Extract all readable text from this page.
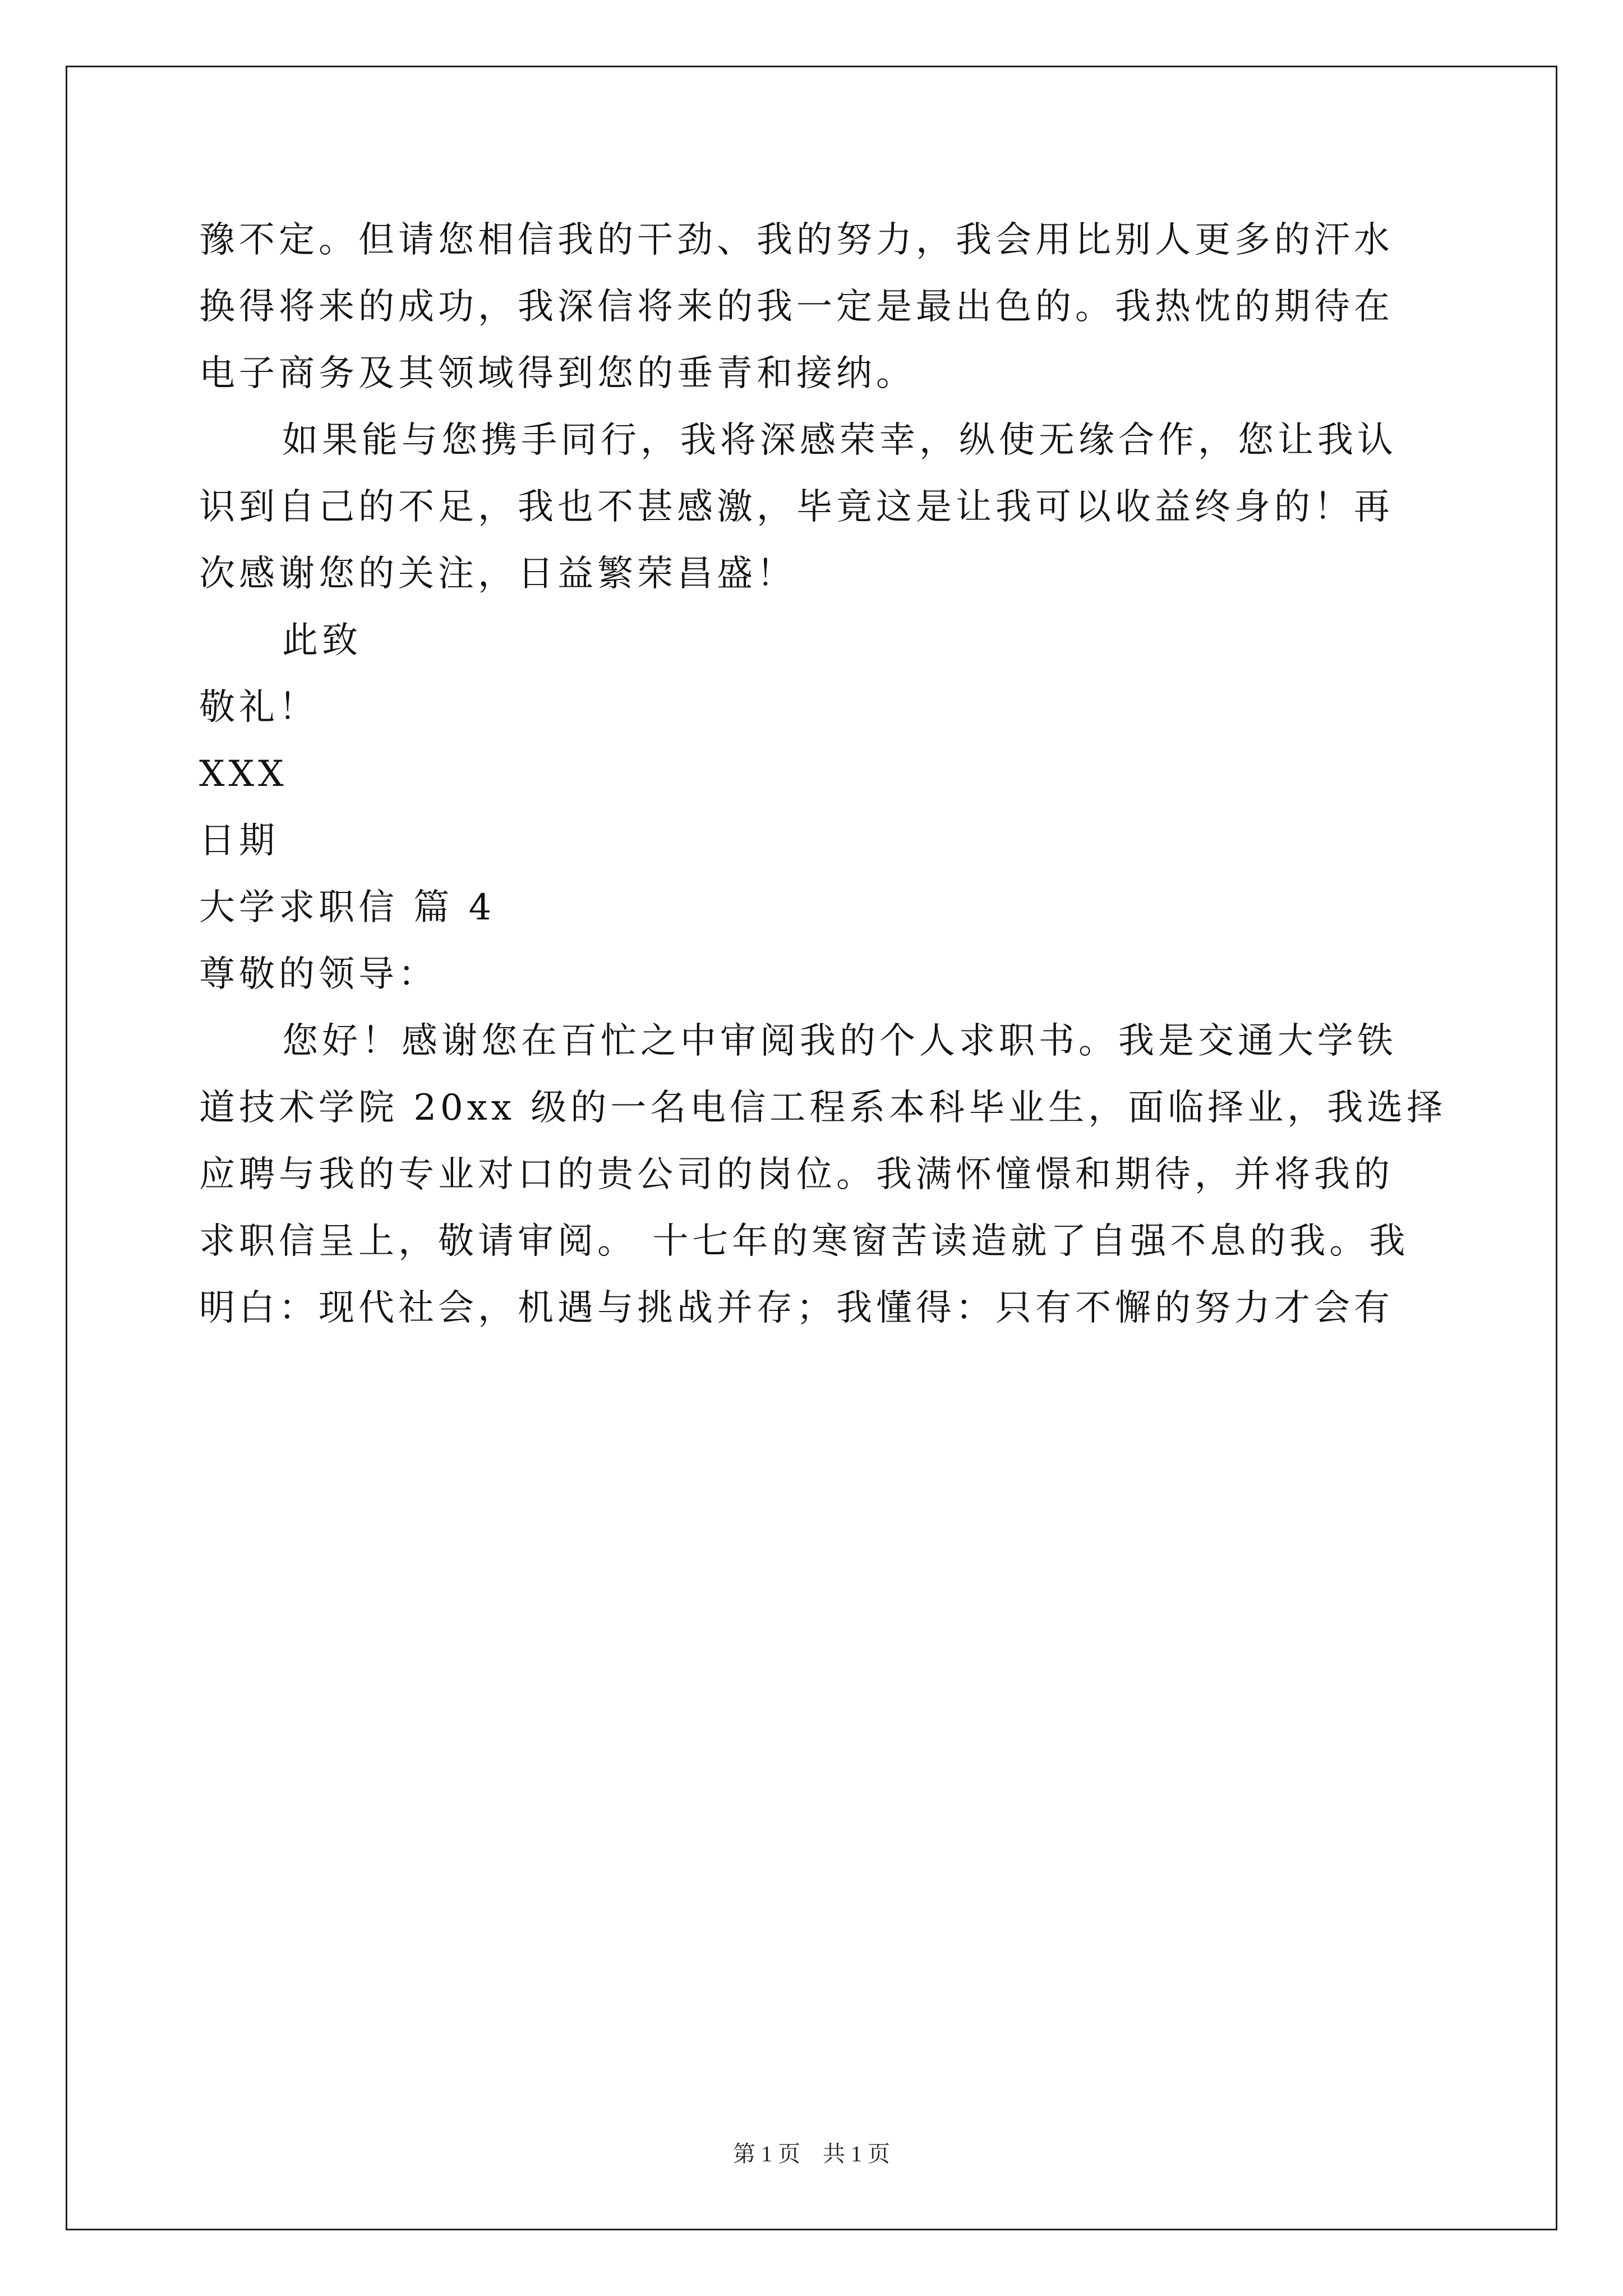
豫不定。但请您相信我的干劲、我的努力，我会用比别人更多的汗水
换得将来的成功，我深信将来的我一定是最出色的。我热忱的期待在
电子商务及其领域得到您的垂青和接纳。
如果能与您携手同行，我将深感荣幸，纵使无缘合作，您让我认
识到自己的不足，我也不甚感激，毕竟这是让我可以收益终身的！再
次感谢您的关注，日益繁荣昌盛！
此致
敬礼！
XXX
日期
大学求职信 篇 4
尊敬的领导：
您好！感谢您在百忙之中审阅我的个人求职书。我是交通大学铁
道技术学院 20xx 级的一名电信工程系本科毕业生，面临择业，我选择
应聘与我的专业对口的贵公司的岗位。我满怀憧憬和期待，并将我的
求职信呈上，敬请审阅。 十七年的寒窗苦读造就了自强不息的我。我
明白：现代社会，机遇与挑战并存；我懂得：只有不懈的努力才会有
第 1 页　共 1 页
